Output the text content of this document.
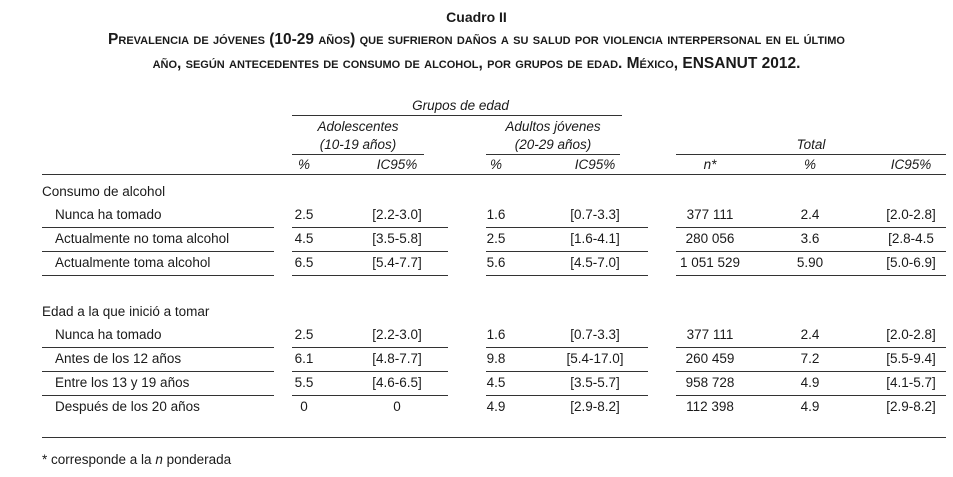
Cuadro II
Prevalencia de jóvenes (10-29 años) que sufrieron daños a su salud por violencia interpersonal en el último
año, según antecedentes de consumo de alcohol, por grupos de edad. México, ENSANUT 2012.
Grupos de edad
Adolescentes
(10-19 años)
Adultos jóvenes
(20-29 años)	Total
%	IC95%	%	IC95%	n*	%	IC95%
Consumo de alcohol
Nunca ha tomado	2.5	[2.2-3.0]	1.6	[0.7-3.3]	377 111	2.4	[2.0-2.8]
Actualmente no toma alcohol	4.5	[3.5-5.8]	2.5	[1.6-4.1]	280 056	3.6	[2.8-4.5
Actualmente toma alcohol	6.5	[5.4-7.7]	5.6	[4.5-7.0]	1 051 529	5.90	[5.0-6.9]
Edad a la que inició a tomar
Nunca ha tomado	2.5	[2.2-3.0]	1.6	[0.7-3.3]	377 111	2.4	[2.0-2.8]
Antes de los 12 años	6.1	[4.8-7.7]	9.8	[5.4-17.0]	260 459	7.2	[5.5-9.4]
Entre los 13 y 19 años	5.5	[4.6-6.5]	4.5	[3.5-5.7]	958 728	4.9	[4.1-5.7]
Después de los 20 años	0	0	4.9	[2.9-8.2]	112 398	4.9	[2.9-8.2]
* corresponde a la n ponderada
